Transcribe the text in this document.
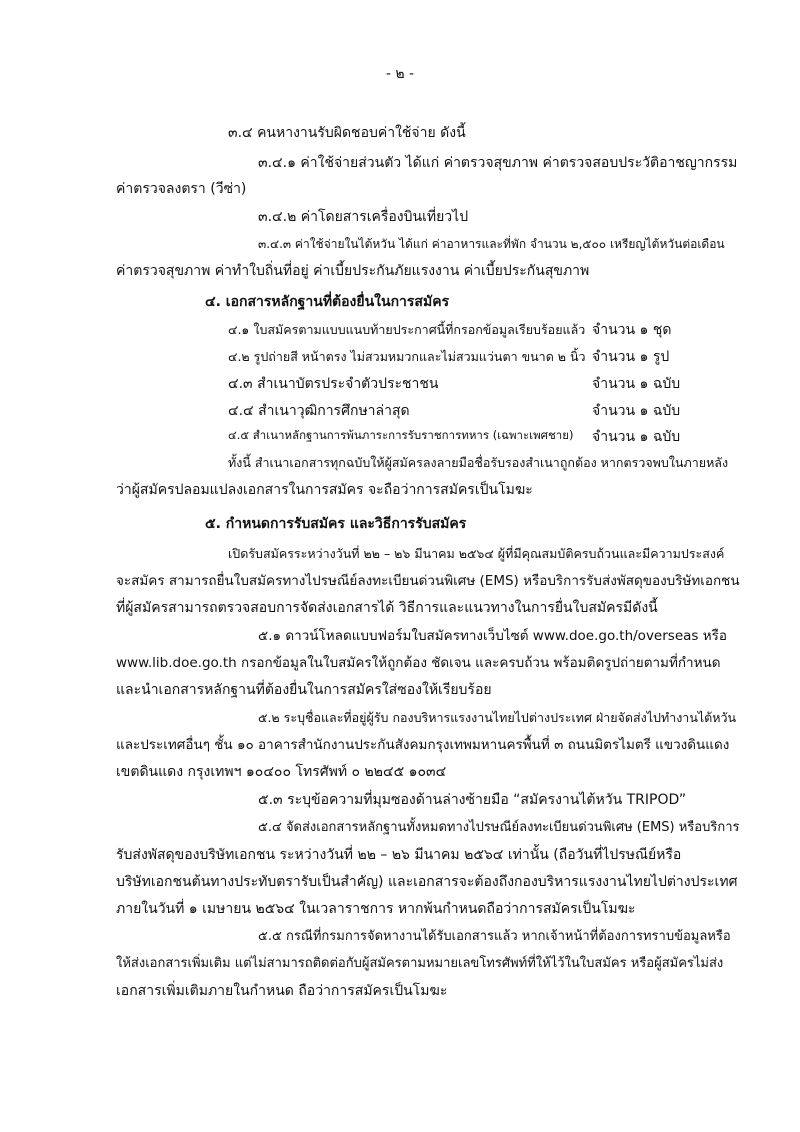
- ๒ -
๓.๔ คนหางานรับผิดชอบค่าใช้จ่าย ดังนี้
๓.๔.๑ ค่าใช้จ่ายส่วนตัว ได้แก่ ค่าตรวจสุขภาพ ค่าตรวจสอบประวัติอาชญากรรม
ค่าตรวจลงตรา (วีซ่า)
๓.๔.๒ ค่าโดยสารเครื่องบินเที่ยวไป
๓.๔.๓ ค่าใช้จ่ายในไต้หวัน ได้แก่ ค่าอาหารและที่พัก จำนวน ๒,๕๐๐ เหรียญไต้หวันต่อเดือน
ค่าตรวจสุขภาพ ค่าทำใบถิ่นที่อยู่ ค่าเบี้ยประกันภัยแรงงาน ค่าเบี้ยประกันสุขภาพ
๔. เอกสารหลักฐานที่ต้องยื่นในการสมัคร
๔.๑ ใบสมัครตามแบบแนบท้ายประกาศนี้ที่กรอกข้อมูลเรียบร้อยแล้ว จำนวน ๑ ชุด
๔.๒ รูปถ่ายสี หน้าตรง ไม่สวมหมวกและไม่สวมแว่นตา ขนาด ๒ นิ้ว จำนวน ๑ รูป
๔.๓ สำเนาบัตรประจำตัวประชาชน	จำนวน ๑ ฉบับ
๔.๔ สำเนาวุฒิการศึกษาล่าสุด	จำนวน ๑ ฉบับ
๔.๕ สำเนาหลักฐานการพ้นภาระการรับราชการทหาร (เฉพาะเพศชาย) จำนวน ๑ ฉบับ
ทั้งนี้ สำเนาเอกสารทุกฉบับให้ผู้สมัครลงลายมือชื่อรับรองสำเนาถูกต้อง หากตรวจพบในภายหลัง
ว่าผู้สมัครปลอมแปลงเอกสารในการสมัคร จะถือว่าการสมัครเป็นโมฆะ
๕. กำหนดการรับสมัคร และวิธีการรับสมัคร
เปิดรับสมัครระหว่างวันที่ ๒๒ – ๒๖ มีนาคม ๒๕๖๔ ผู้ที่มีคุณสมบัติครบถ้วนและมีความประสงค์
จะสมัคร สามารถยื่นใบสมัครทางไปรษณีย์ลงทะเบียนด่วนพิเศษ (EMS) หรือบริการรับส่งพัสดุของบริษัทเอกชน
ที่ผู้สมัครสามารถตรวจสอบการจัดส่งเอกสารได้ วิธีการและแนวทางในการยื่นใบสมัครมีดังนี้
๕.๑ ดาวน์โหลดแบบฟอร์มใบสมัครทางเว็บไซต์ www.doe.go.th/overseas หรือ
www.lib.doe.go.th กรอกข้อมูลในใบสมัครให้ถูกต้อง ชัดเจน และครบถ้วน พร้อมติดรูปถ่ายตามที่กำหนด
และนำเอกสารหลักฐานที่ต้องยื่นในการสมัครใส่ซองให้เรียบร้อย
๕.๒ ระบุชื่อและที่อยู่ผู้รับ กองบริหารแรงงานไทยไปต่างประเทศ ฝ่ายจัดส่งไปทำงานไต้หวัน
และประเทศอื่นๆ ชั้น ๑๐ อาคารสำนักงานประกันสังคมกรุงเทพมหานครพื้นที่ ๓ ถนนมิตรไมตรี แขวงดินแดง
เขตดินแดง กรุงเทพฯ ๑๐๔๐๐ โทรศัพท์ ๐ ๒๒๔๕ ๑๐๓๔
๕.๓ ระบุข้อความที่มุมซองด้านล่างซ้ายมือ “สมัครงานไต้หวัน TRIPOD”
๕.๔ จัดส่งเอกสารหลักฐานทั้งหมดทางไปรษณีย์ลงทะเบียนด่วนพิเศษ (EMS) หรือบริการ
รับส่งพัสดุของบริษัทเอกชน ระหว่างวันที่ ๒๒ – ๒๖ มีนาคม ๒๕๖๔ เท่านั้น (ถือวันที่ไปรษณีย์หรือ
บริษัทเอกชนต้นทางประทับตรารับเป็นสำคัญ) และเอกสารจะต้องถึงกองบริหารแรงงานไทยไปต่างประเทศ
ภายในวันที่ ๑ เมษายน ๒๕๖๔ ในเวลาราชการ หากพ้นกำหนดถือว่าการสมัครเป็นโมฆะ
๕.๕ กรณีที่กรมการจัดหางานได้รับเอกสารแล้ว หากเจ้าหน้าที่ต้องการทราบข้อมูลหรือ
ให้ส่งเอกสารเพิ่มเติม แต่ไม่สามารถติดต่อกับผู้สมัครตามหมายเลขโทรศัพท์ที่ให้ไว้ในใบสมัคร หรือผู้สมัครไม่ส่ง
เอกสารเพิ่มเติมภายในกำหนด ถือว่าการสมัครเป็นโมฆะ
